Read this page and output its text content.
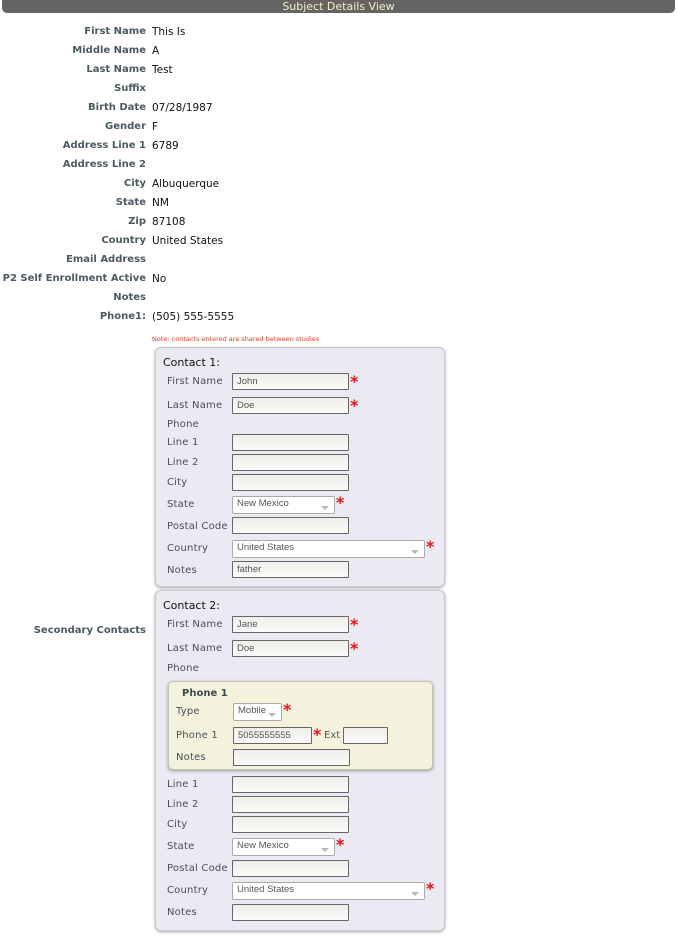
Subject Details View
First Name This Is
Middle Name A
Last Name Test
Suffix
Birth Date 07/28/1987
Gender F
Address Line 1 6789
Address Line 2
City Albuquerque
State NM
Zip 87108
Country United States
Email Address
P2 Self Enrollment Active No
Notes
Phone1: (505) 555-5555
Note: contacts entered are shared between studies
Secondary Contacts
Contact 1:
First Name	John	*
Last Name	Doe	*
Phone
Line 1
Line 2
City
State	New Mexico	*
Postal Code
Country	United States	*
Notes	father
Contact 2:
First Name	Jane	*
Last Name	Doe	*
Phone
Phone 1
Type	Mobile	*
Phone 1	5055555555	* Ext
Notes
Line 1
Line 2
City
State	New Mexico	*
Postal Code
Country	United States	*
Notes
